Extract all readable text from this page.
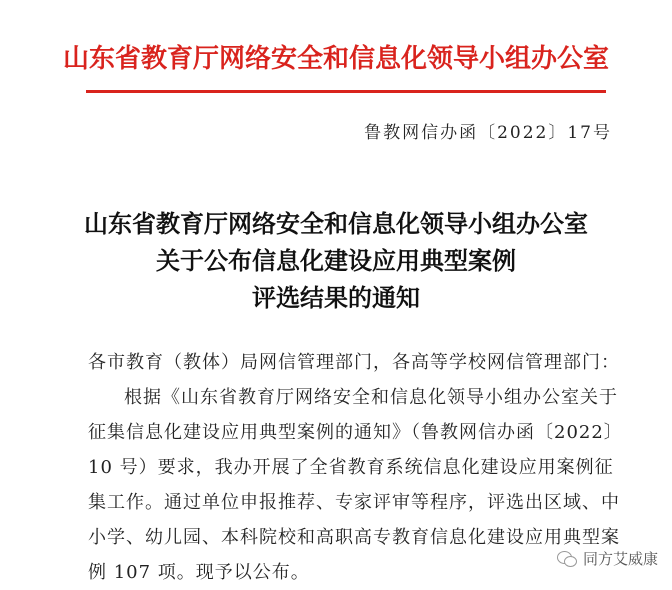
山东省教育厅网络安全和信息化领导小组办公室
鲁教网信办函〔2022〕17号
山东省教育厅网络安全和信息化领导小组办公室
关于公布信息化建设应用典型案例
评选结果的通知
各市教育（教体）局网信管理部门，各高等学校网信管理部门：
根据《山东省教育厅网络安全和信息化领导小组办公室关于
征集信息化建设应用典型案例的通知》（鲁教网信办函〔2022〕
10 号）要求，我办开展了全省教育系统信息化建设应用案例征
集工作。通过单位申报推荐、专家评审等程序，评选出区域、中
小学、幼儿园、本科院校和高职高专教育信息化建设应用典型案
例 107 项。现予以公布。
同方艾威康
